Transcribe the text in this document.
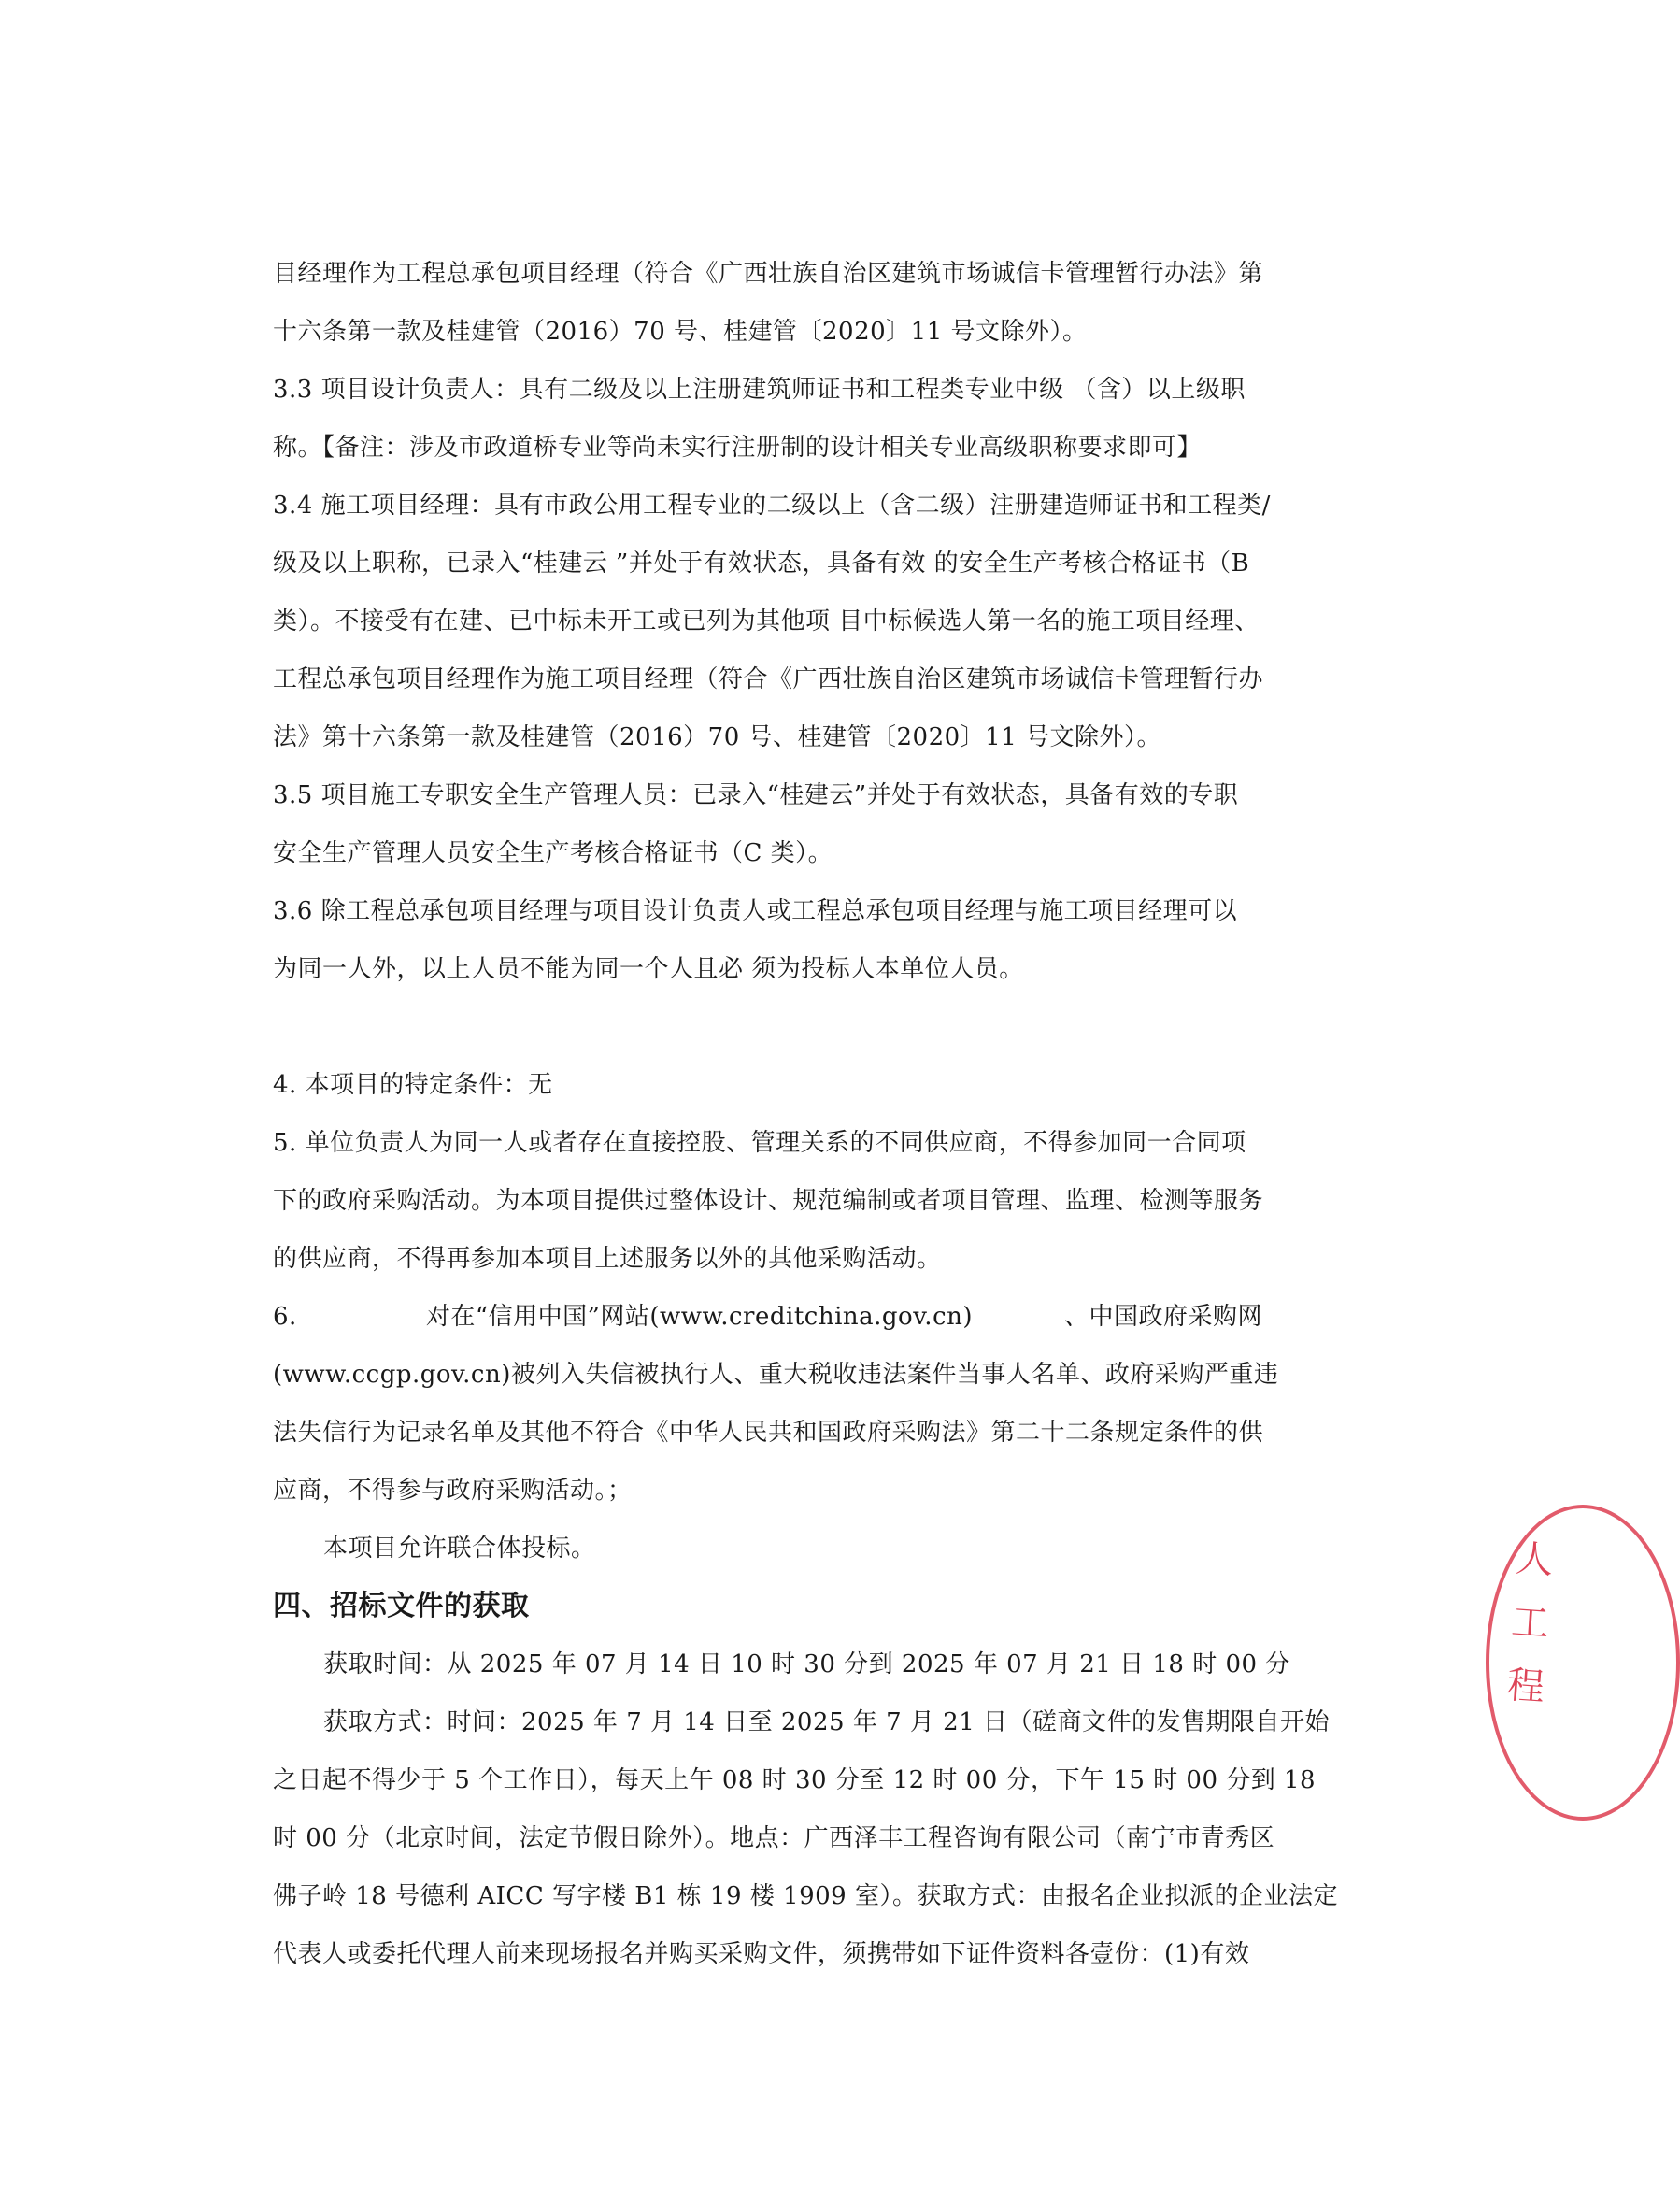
目经理作为工程总承包项目经理（符合《广西壮族自治区建筑市场诚信卡管理暂行办法》第
十六条第一款及桂建管（2016）70 号、桂建管〔2020〕11 号文除外）。
3.3 项目设计负责人：具有二级及以上注册建筑师证书和工程类专业中级 （含）以上级职
称。【备注：涉及市政道桥专业等尚未实行注册制的设计相关专业高级职称要求即可】
3.4 施工项目经理：具有市政公用工程专业的二级以上（含二级）注册建造师证书和工程类/
级及以上职称，已录入“桂建云 ”并处于有效状态，具备有效 的安全生产考核合格证书（B
类）。不接受有在建、已中标未开工或已列为其他项 目中标候选人第一名的施工项目经理、
工程总承包项目经理作为施工项目经理（符合《广西壮族自治区建筑市场诚信卡管理暂行办
法》第十六条第一款及桂建管（2016）70 号、桂建管〔2020〕11 号文除外）。
3.5 项目施工专职安全生产管理人员：已录入“桂建云”并处于有效状态，具备有效的专职
安全生产管理人员安全生产考核合格证书（C 类）。
3.6 除工程总承包项目经理与项目设计负责人或工程总承包项目经理与施工项目经理可以
为同一人外，以上人员不能为同一个人且必 须为投标人本单位人员。
4. 本项目的特定条件：无
5. 单位负责人为同一人或者存在直接控股、管理关系的不同供应商，不得参加同一合同项
下的政府采购活动。为本项目提供过整体设计、规范编制或者项目管理、监理、检测等服务
的供应商，不得再参加本项目上述服务以外的其他采购活动。
6.	对在“信用中国”网站(www.creditchina.gov.cn)	、中国政府采购网
(www.ccgp.gov.cn)被列入失信被执行人、重大税收违法案件当事人名单、政府采购严重违
法失信行为记录名单及其他不符合《中华人民共和国政府采购法》第二十二条规定条件的供
应商，不得参与政府采购活动。；
本项目允许联合体投标。
四、招标文件的获取
获取时间：从 2025 年 07 月 14 日 10 时 30 分到 2025 年 07 月 21 日 18 时 00 分
获取方式：时间：2025 年 7 月 14 日至 2025 年 7 月 21 日（磋商文件的发售期限自开始
之日起不得少于 5 个工作日），每天上午 08 时 30 分至 12 时 00 分，下午 15 时 00 分到 18
时 00 分（北京时间，法定节假日除外）。地点：广西泽丰工程咨询有限公司（南宁市青秀区
佛子岭 18 号德利 AICC 写字楼 B1 栋 19 楼 1909 室）。获取方式：由报名企业拟派的企业法定
代表人或委托代理人前来现场报名并购买采购文件，须携带如下证件资料各壹份：(1)有效
人
工
程
